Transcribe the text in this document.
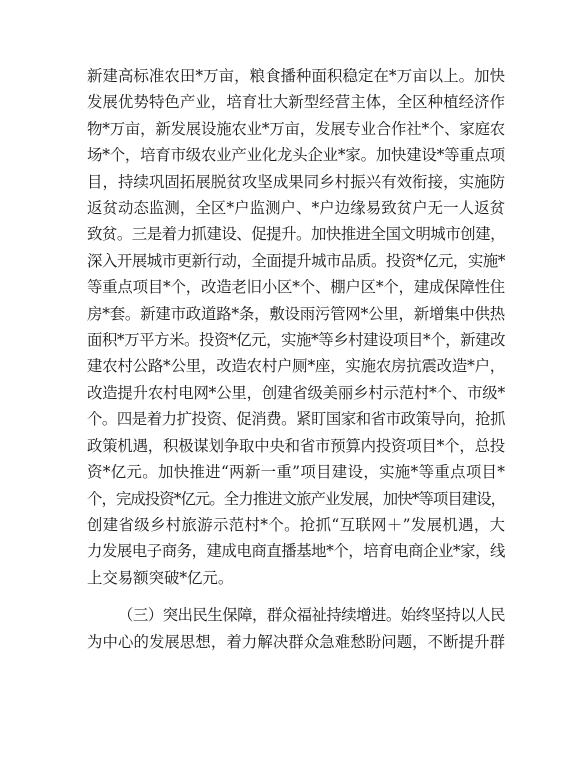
新建高标准农田*万亩，粮食播种面积稳定在*万亩以上。加快
发展优势特色产业，培育壮大新型经营主体，全区种植经济作
物*万亩，新发展设施农业*万亩，发展专业合作社*个、家庭农
场*个，培育市级农业产业化龙头企业*家。加快建设*等重点项
目，持续巩固拓展脱贫攻坚成果同乡村振兴有效衔接，实施防
返贫动态监测，全区*户监测户、*户边缘易致贫户无一人返贫
致贫。三是着力抓建设、促提升。加快推进全国文明城市创建，
深入开展城市更新行动，全面提升城市品质。投资*亿元，实施*
等重点项目*个，改造老旧小区*个、棚户区*个，建成保障性住
房*套。新建市政道路*条，敷设雨污管网*公里，新增集中供热
面积*万平方米。投资*亿元，实施*等乡村建设项目*个，新建改
建农村公路*公里，改造农村户厕*座，实施农房抗震改造*户，
改造提升农村电网*公里，创建省级美丽乡村示范村*个、市级*
个。四是着力扩投资、促消费。紧盯国家和省市政策导向，抢抓
政策机遇，积极谋划争取中央和省市预算内投资项目*个，总投
资*亿元。加快推进“两新一重”项目建设，实施*等重点项目*
个，完成投资*亿元。全力推进文旅产业发展，加快*等项目建设，
创建省级乡村旅游示范村*个。抢抓“互联网＋”发展机遇，大
力发展电子商务，建成电商直播基地*个，培育电商企业*家，线
上交易额突破*亿元。

（三）突出民生保障，群众福祉持续增进。始终坚持以人民
为中心的发展思想，着力解决群众急难愁盼问题，不断提升群
